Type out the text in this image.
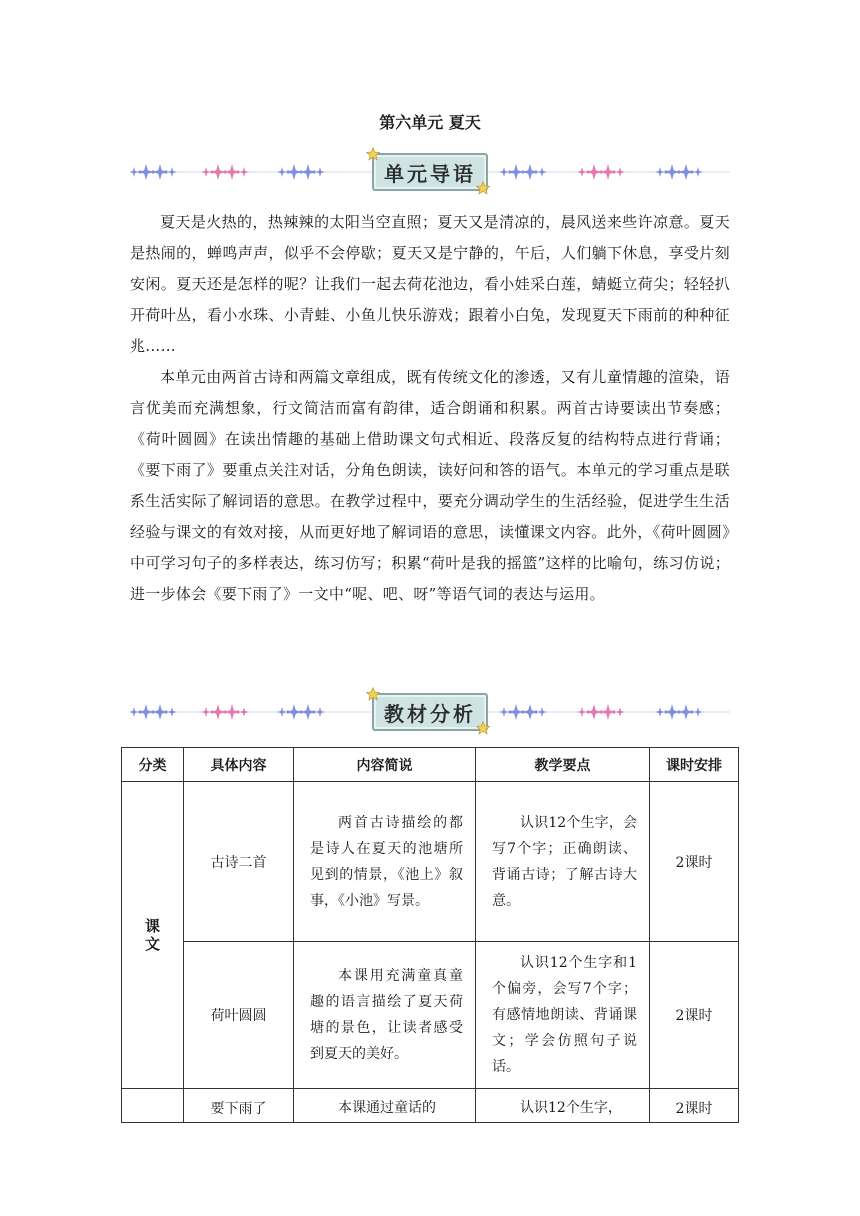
第六单元 夏天
单元导语

夏天是火热的，热辣辣的太阳当空直照；夏天又是清凉的，晨风送来些许凉意。夏天是热闹的，蝉鸣声声，似乎不会停歇；夏天又是宁静的，午后，人们躺下休息，享受片刻安闲。夏天还是怎样的呢？让我们一起去荷花池边，看小娃采白莲，蜻蜓立荷尖；轻轻扒开荷叶丛，看小水珠、小青蛙、小鱼儿快乐游戏；跟着小白兔，发现夏天下雨前的种种征兆……

本单元由两首古诗和两篇文章组成，既有传统文化的渗透，又有儿童情趣的渲染，语言优美而充满想象，行文简洁而富有韵律，适合朗诵和积累。两首古诗要读出节奏感；《荷叶圆圆》在读出情趣的基础上借助课文句式相近、段落反复的结构特点进行背诵；《要下雨了》要重点关注对话，分角色朗读，读好问和答的语气。本单元的学习重点是联系生活实际了解词语的意思。在教学过程中，要充分调动学生的生活经验，促进学生生活经验与课文的有效对接，从而更好地了解词语的意思，读懂课文内容。此外，《荷叶圆圆》中可学习句子的多样表达，练习仿写；积累“荷叶是我的摇篮”这样的比喻句，练习仿说；进一步体会《要下雨了》一文中“呢、吧、呀”等语气词的表达与运用。

教材分析
分类	具体内容	内容简说	教学要点	课时安排
课文	古诗二首	两首古诗描绘的都是诗人在夏天的池塘所见到的情景，《池上》叙事，《小池》写景。	认识12个生字，会写7个字；正确朗读、背诵古诗；了解古诗大意。	2课时
	荷叶圆圆	本课用充满童真童趣的语言描绘了夏天荷塘的景色，让读者感受到夏天的美好。	认识12个生字和1个偏旁，会写7个字；有感情地朗读、背诵课文；学会仿照句子说话。	2课时
	要下雨了	本课通过童话的	认识12个生字，	2课时
